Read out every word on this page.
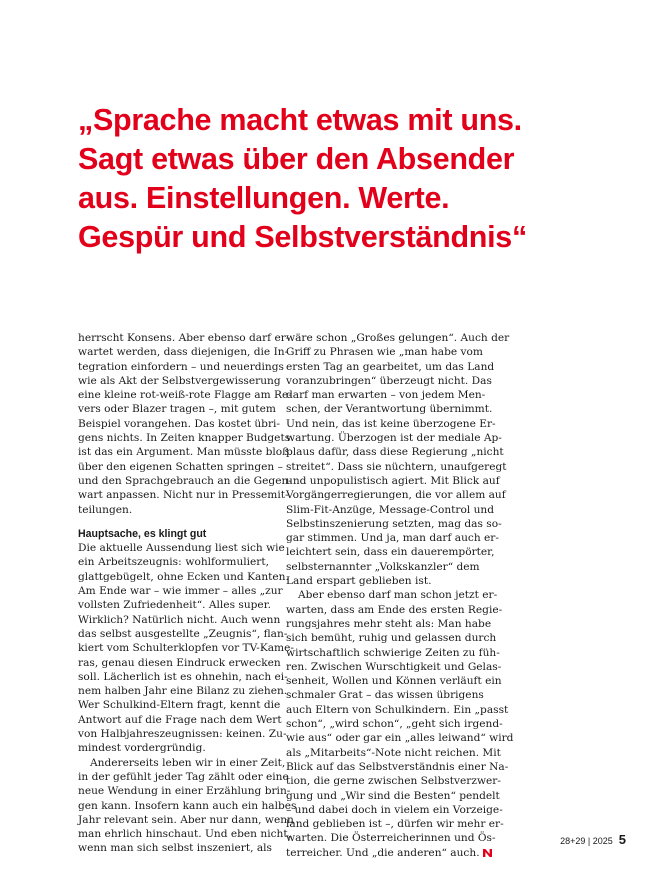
„Sprache macht etwas mit uns.
Sagt etwas über den Absender
aus. Einstellungen. Werte.
Gespür und Selbstverständnis“
herrscht Konsens. Aber ebenso darf er-
wartet werden, dass diejenigen, die In-
tegration einfordern – und neuerdings
wie als Akt der Selbstvergewisserung
eine kleine rot-weiß-rote Flagge am Re-
vers oder Blazer tragen –, mit gutem
Beispiel vorangehen. Das kostet übri-
gens nichts. In Zeiten knapper Budgets
ist das ein Argument. Man müsste bloß
über den eigenen Schatten springen –
und den Sprachgebrauch an die Gegen-
wart anpassen. Nicht nur in Pressemit-
teilungen.
Hauptsache, es klingt gut
Die aktuelle Aussendung liest sich wie
ein Arbeitszeugnis: wohlformuliert,
glattgebügelt, ohne Ecken und Kanten.
Am Ende war – wie immer – alles „zur
vollsten Zufriedenheit“. Alles super.
Wirklich? Natürlich nicht. Auch wenn
das selbst ausgestellte „Zeugnis“, flan-
kiert vom Schulterklopfen vor TV-Kame-
ras, genau diesen Eindruck erwecken
soll. Lächerlich ist es ohnehin, nach ei-
nem halben Jahr eine Bilanz zu ziehen.
Wer Schulkind-Eltern fragt, kennt die
Antwort auf die Frage nach dem Wert
von Halbjahreszeugnissen: keinen. Zu-
mindest vordergründig.
Andererseits leben wir in einer Zeit,
in der gefühlt jeder Tag zählt oder eine
neue Wendung in einer Erzählung brin-
gen kann. Insofern kann auch ein halbes
Jahr relevant sein. Aber nur dann, wenn
man ehrlich hinschaut. Und eben nicht,
wenn man sich selbst inszeniert, als
wäre schon „Großes gelungen“. Auch der
Griff zu Phrasen wie „man habe vom
ersten Tag an gearbeitet, um das Land
voranzubringen“ überzeugt nicht. Das
darf man erwarten – von jedem Men-
schen, der Verantwortung übernimmt.
Und nein, das ist keine überzogene Er-
wartung. Überzogen ist der mediale Ap-
plaus dafür, dass diese Regierung „nicht
streitet“. Dass sie nüchtern, unaufgeregt
und unpopulistisch agiert. Mit Blick auf
Vorgängerregierungen, die vor allem auf
Slim-Fit-Anzüge, Message-Control und
Selbstinszenierung setzten, mag das so-
gar stimmen. Und ja, man darf auch er-
leichtert sein, dass ein dauerempörter,
selbsternannter „Volkskanzler“ dem
Land erspart geblieben ist.
Aber ebenso darf man schon jetzt er-
warten, dass am Ende des ersten Regie-
rungsjahres mehr steht als: Man habe
sich bemüht, ruhig und gelassen durch
wirtschaftlich schwierige Zeiten zu füh-
ren. Zwischen Wurschtigkeit und Gelas-
senheit, Wollen und Können verläuft ein
schmaler Grat – das wissen übrigens
auch Eltern von Schulkindern. Ein „passt
schon“, „wird schon“, „geht sich irgend-
wie aus“ oder gar ein „alles leiwand“ wird
als „Mitarbeits“-Note nicht reichen. Mit
Blick auf das Selbstverständnis einer Na-
tion, die gerne zwischen Selbstverzwer-
gung und „Wir sind die Besten“ pendelt
– und dabei doch in vielem ein Vorzeige-
land geblieben ist –, dürfen wir mehr er-
warten. Die Österreicherinnen und Ös-
terreicher. Und „die anderen“ auch.
28+29 | 2025 5
